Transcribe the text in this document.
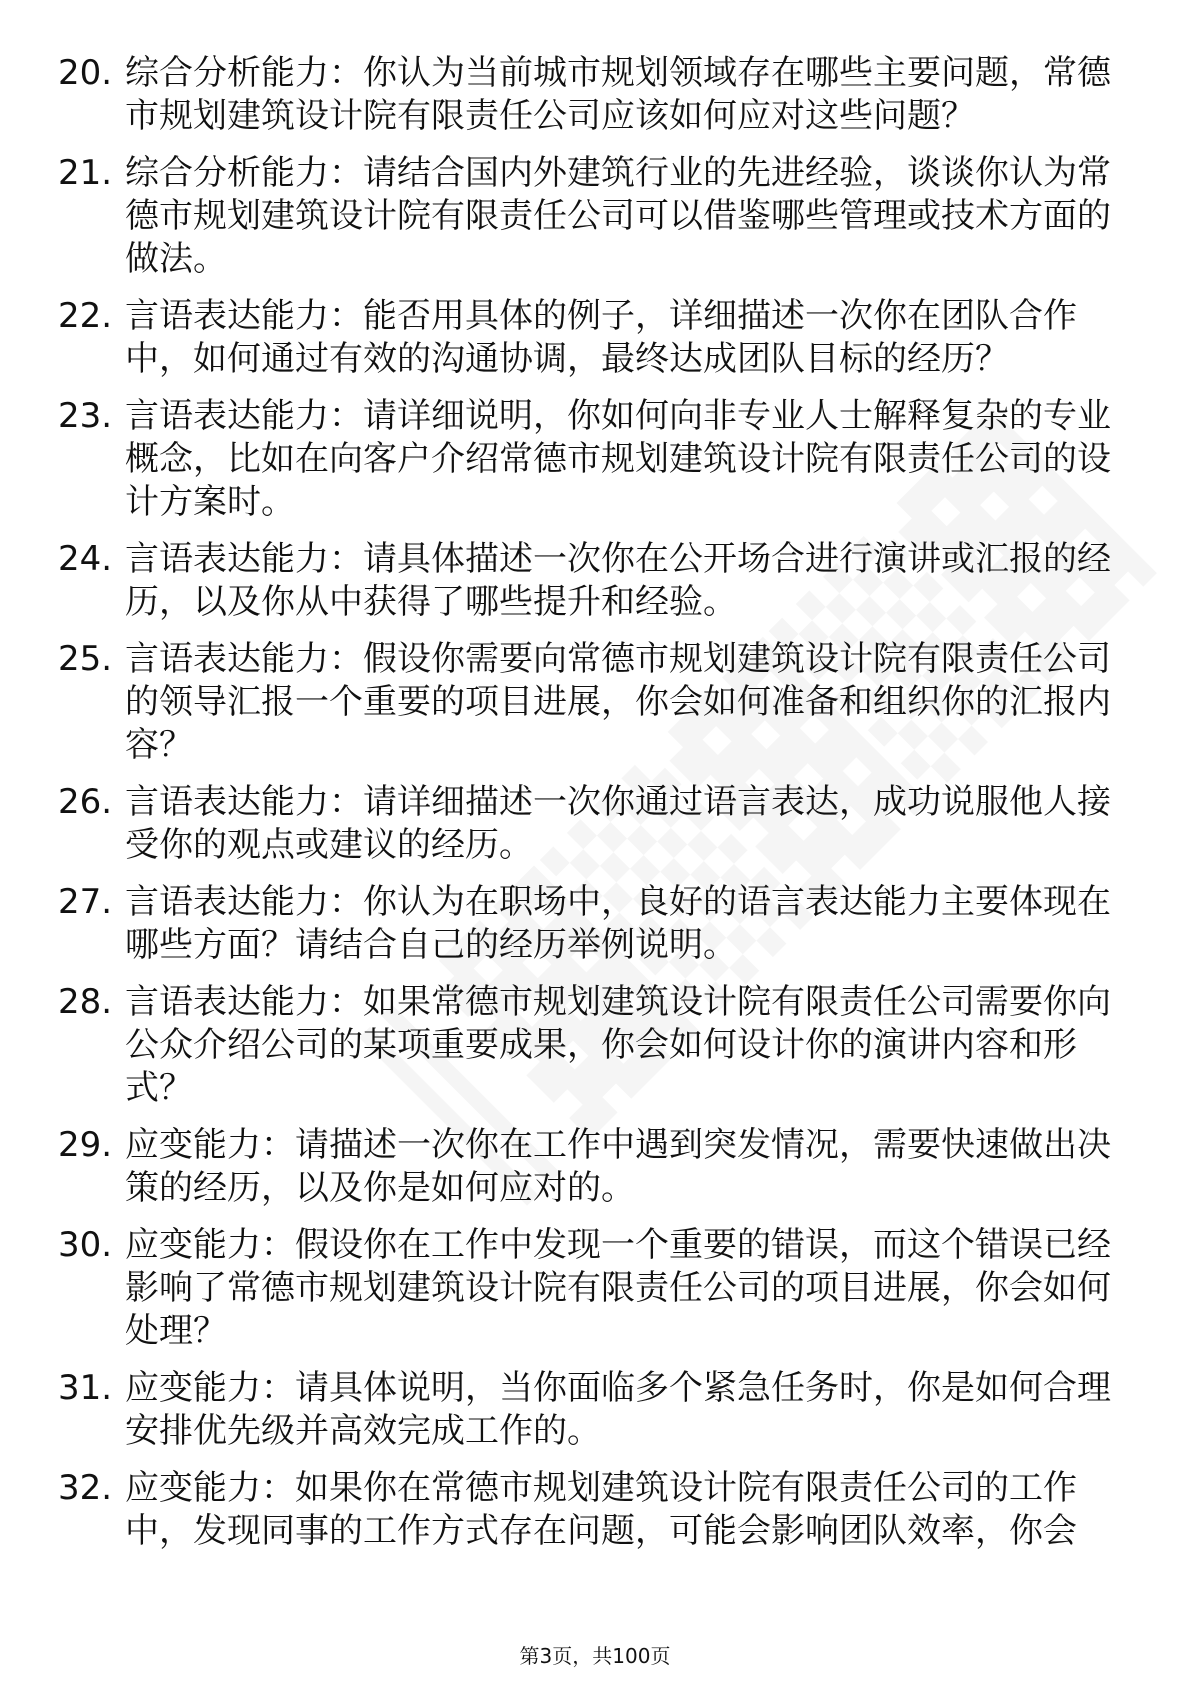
20. 综合分析能力：你认为当前城市规划领域存在哪些主要问题，常德市规划建筑设计院有限责任公司应该如何应对这些问题？
21. 综合分析能力：请结合国内外建筑行业的先进经验，谈谈你认为常德市规划建筑设计院有限责任公司可以借鉴哪些管理或技术方面的做法。
22. 言语表达能力：能否用具体的例子，详细描述一次你在团队合作中，如何通过有效的沟通协调，最终达成团队目标的经历？
23. 言语表达能力：请详细说明，你如何向非专业人士解释复杂的专业概念，比如在向客户介绍常德市规划建筑设计院有限责任公司的设计方案时。
24. 言语表达能力：请具体描述一次你在公开场合进行演讲或汇报的经历，以及你从中获得了哪些提升和经验。
25. 言语表达能力：假设你需要向常德市规划建筑设计院有限责任公司的领导汇报一个重要的项目进展，你会如何准备和组织你的汇报内容？
26. 言语表达能力：请详细描述一次你通过语言表达，成功说服他人接受你的观点或建议的经历。
27. 言语表达能力：你认为在职场中，良好的语言表达能力主要体现在哪些方面？请结合自己的经历举例说明。
28. 言语表达能力：如果常德市规划建筑设计院有限责任公司需要你向公众介绍公司的某项重要成果，你会如何设计你的演讲内容和形式？
29. 应变能力：请描述一次你在工作中遇到突发情况，需要快速做出决策的经历，以及你是如何应对的。
30. 应变能力：假设你在工作中发现一个重要的错误，而这个错误已经影响了常德市规划建筑设计院有限责任公司的项目进展，你会如何处理？
31. 应变能力：请具体说明，当你面临多个紧急任务时，你是如何合理安排优先级并高效完成工作的。
32. 应变能力：如果你在常德市规划建筑设计院有限责任公司的工作中，发现同事的工作方式存在问题，可能会影响团队效率，你会
第3页，共100页
